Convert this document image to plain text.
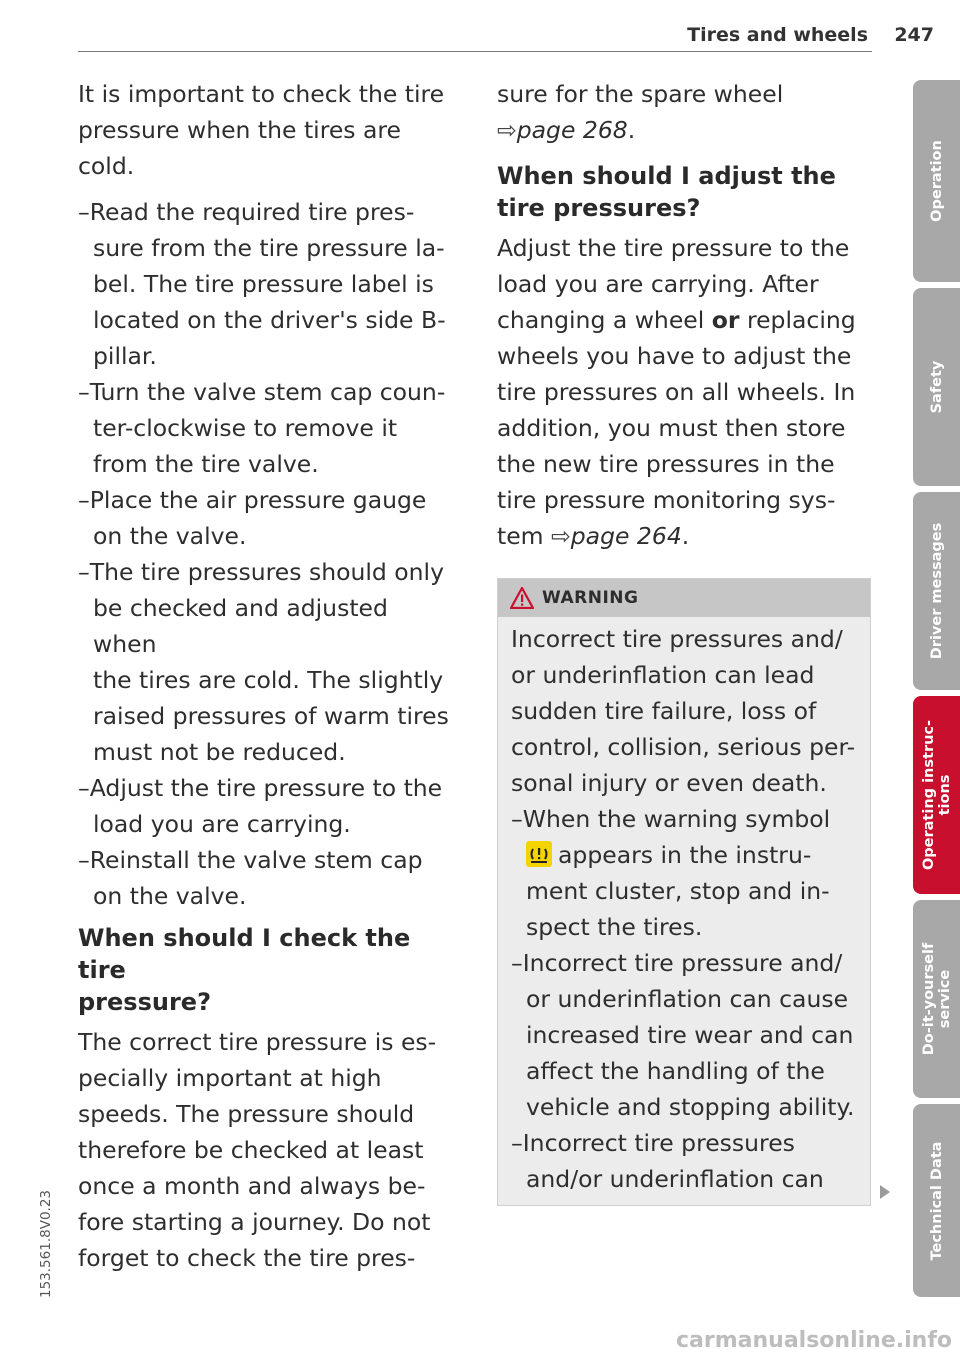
Tires and wheels 247

It is important to check the tire

pressure when the tires are

cold.

–Read the required tire pres-

sure from the tire pressure la-

bel. The tire pressure label is

located on the driver's side B-

pillar.

–Turn the valve stem cap coun-

ter-clockwise to remove it

from the tire valve.

–Place the air pressure gauge

on the valve.

–The tire pressures should only

be checked and adjusted when

the tires are cold. The slightly

raised pressures of warm tires

must not be reduced.

–Adjust the tire pressure to the

load you are carrying.

–Reinstall the valve stem cap

on the valve.

When should I check the tire
pressure?

The correct tire pressure is es-

pecially important at high

speeds. The pressure should

therefore be checked at least

once a month and always be-

fore starting a journey. Do not

forget to check the tire pres-

sure for the spare wheel

⇨page 268.

When should I adjust the
tire pressures?

Adjust the tire pressure to the

load you are carrying. After

changing a wheel or replacing

wheels you have to adjust the

tire pressures on all wheels. In

addition, you must then store

the new tire pressures in the

tire pressure monitoring sys-

tem ⇨page 264.

WARNING

Incorrect tire pressures and/

or underinflation can lead

sudden tire failure, loss of

control, collision, serious per-

sonal injury or even death.

–When the warning symbol

appears in the instru-

ment cluster, stop and in-

spect the tires.

–Incorrect tire pressure and/

or underinflation can cause

increased tire wear and can

affect the handling of the

vehicle and stopping ability.

–Incorrect tire pressures

and/or underinflation can

Operation
Safety
Driver messages
Operating instruc-
tions
Do-it-yourself
service
Technical Data
153.561.8V0.23
carmanualsonline.info
